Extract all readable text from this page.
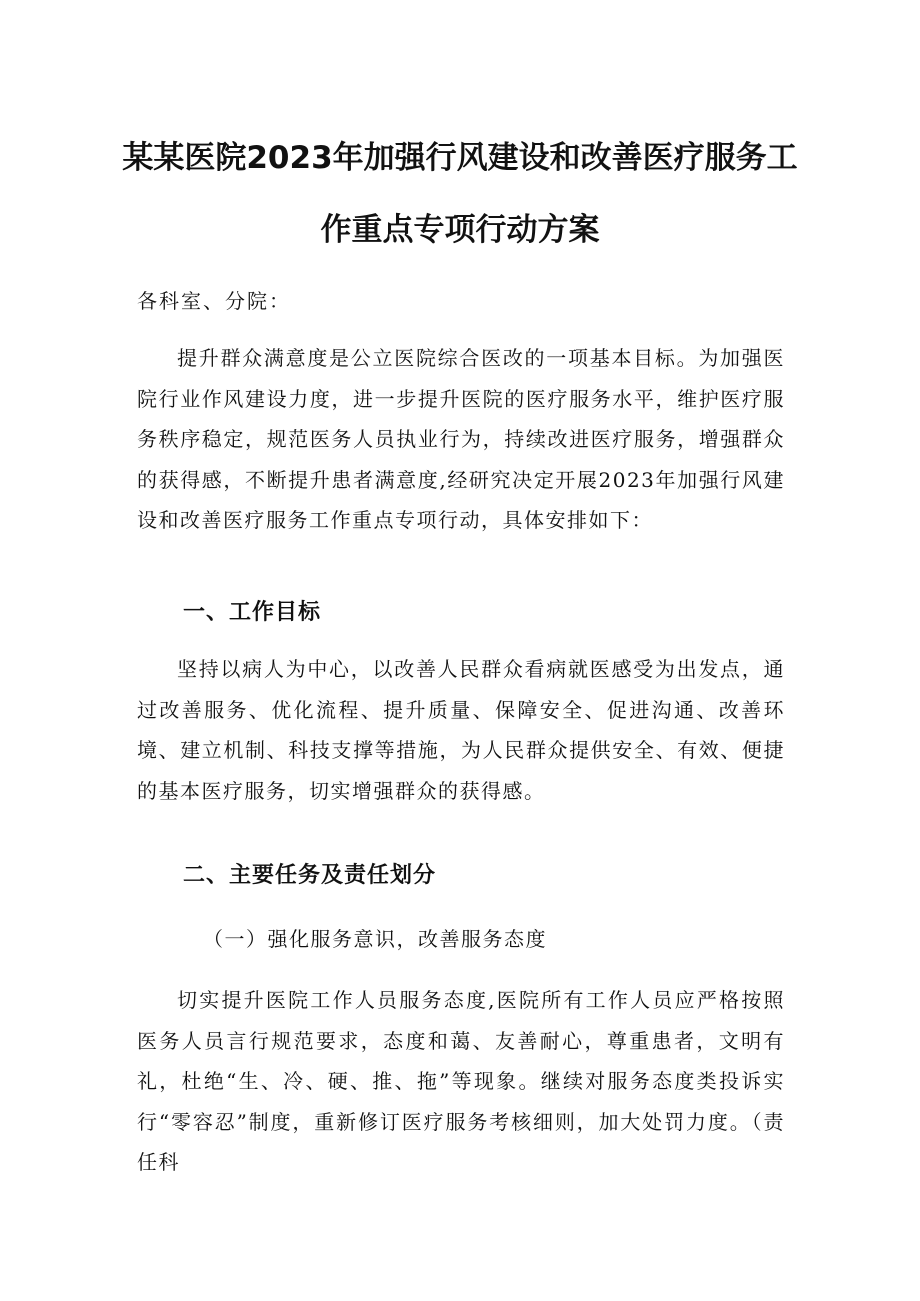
某某医院2023年加强行风建设和改善医疗服务工
作重点专项行动方案
各科室、分院：

提升群众满意度是公立医院综合医改的一项基本目标。为加强医院行业作风建设力度，进一步提升医院的医疗服务水平，维护医疗服务秩序稳定，规范医务人员执业行为，持续改进医疗服务，增强群众的获得感，不断提升患者满意度,经研究决定开展2023年加强行风建设和改善医疗服务工作重点专项行动，具体安排如下：

一、工作目标

坚持以病人为中心，以改善人民群众看病就医感受为出发点，通过改善服务、优化流程、提升质量、保障安全、促进沟通、改善环境、建立机制、科技支撑等措施，为人民群众提供安全、有效、便捷的基本医疗服务，切实增强群众的获得感。

二、主要任务及责任划分
（一）强化服务意识，改善服务态度

切实提升医院工作人员服务态度,医院所有工作人员应严格按照医务人员言行规范要求，态度和蔼、友善耐心，尊重患者，文明有礼，杜绝“生、冷、硬、推、拖”等现象。继续对服务态度类投诉实行“零容忍”制度，重新修订医疗服务考核细则，加大处罚力度。（责任科
